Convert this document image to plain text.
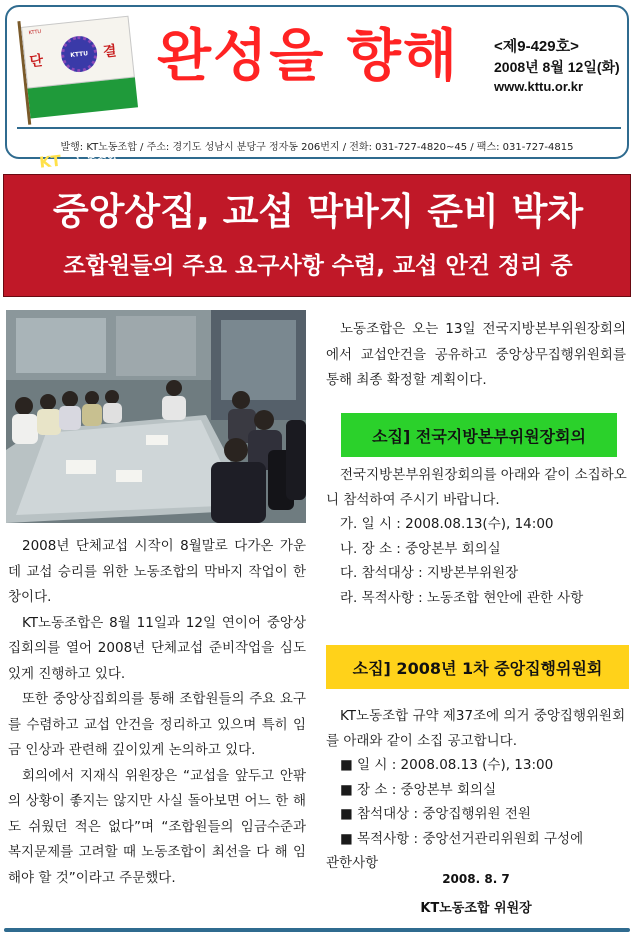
KTTU
단	KTTU 결
KT 노동조합
완성을 향해 <제9-429호>
2008년 8월 12일(화)
www.kttu.or.kr
발행: KT노동조합 / 주소: 경기도 성남시 분당구 정자동 206번지 / 전화: 031-727-4820~45 / 팩스: 031-727-4815
중앙상집, 교섭 막바지 준비 박차
조합원들의 주요 요구사항 수렴, 교섭 안건 정리 중

2008년 단체교섭 시작이 8월말로 다가온 가운데 교섭 승리를 위한 노동조합의 막바지 작업이 한창이다.

KT노동조합은 8월 11일과 12일 연이어 중앙상집회의를 열어 2008년 단체교섭 준비작업을 심도있게 진행하고 있다.

또한 중앙상집회의를 통해 조합원들의 주요 요구를 수렴하고 교섭 안건을 정리하고 있으며 특히 임금 인상과 관련해 깊이있게 논의하고 있다.

회의에서 지재식 위원장은 “교섭을 앞두고 안팎의 상황이 좋지는 않지만 사실 돌아보면 어느 한 해도 쉬웠던 적은 없다”며 “조합원들의 임금수준과 복지문제를 고려할 때 노동조합이 최선을 다 해 임해야 할 것”이라고 주문했다.

노동조합은 오는 13일 전국지방본부위원장회의에서 교섭안건을 공유하고 중앙상무집행위원회를 통해 최종 확정할 계획이다.

소집] 전국지방본부위원장회의
전국지방본부위원장회의를 아래와 같이 소집하오니 참석하여 주시기 바랍니다.
가. 일 시 : 2008.08.13(수), 14:00
나. 장 소 : 중앙본부 회의실
다. 참석대상 : 지방본부위원장
라. 목적사항 : 노동조합 현안에 관한 사항
소집] 2008년 1차 중앙집행위원회
KT노동조합 규약 제37조에 의거 중앙집행위원회를 아래와 같이 소집 공고합니다.
■ 일 시 : 2008.08.13 (수), 13:00
■ 장 소 : 중앙본부 회의실
■ 참석대상 : 중앙집행위원 전원
■ 목적사항 : 중앙선거관리위원회 구성에
관한사항
2008. 8. 7
KT노동조합 위원장
